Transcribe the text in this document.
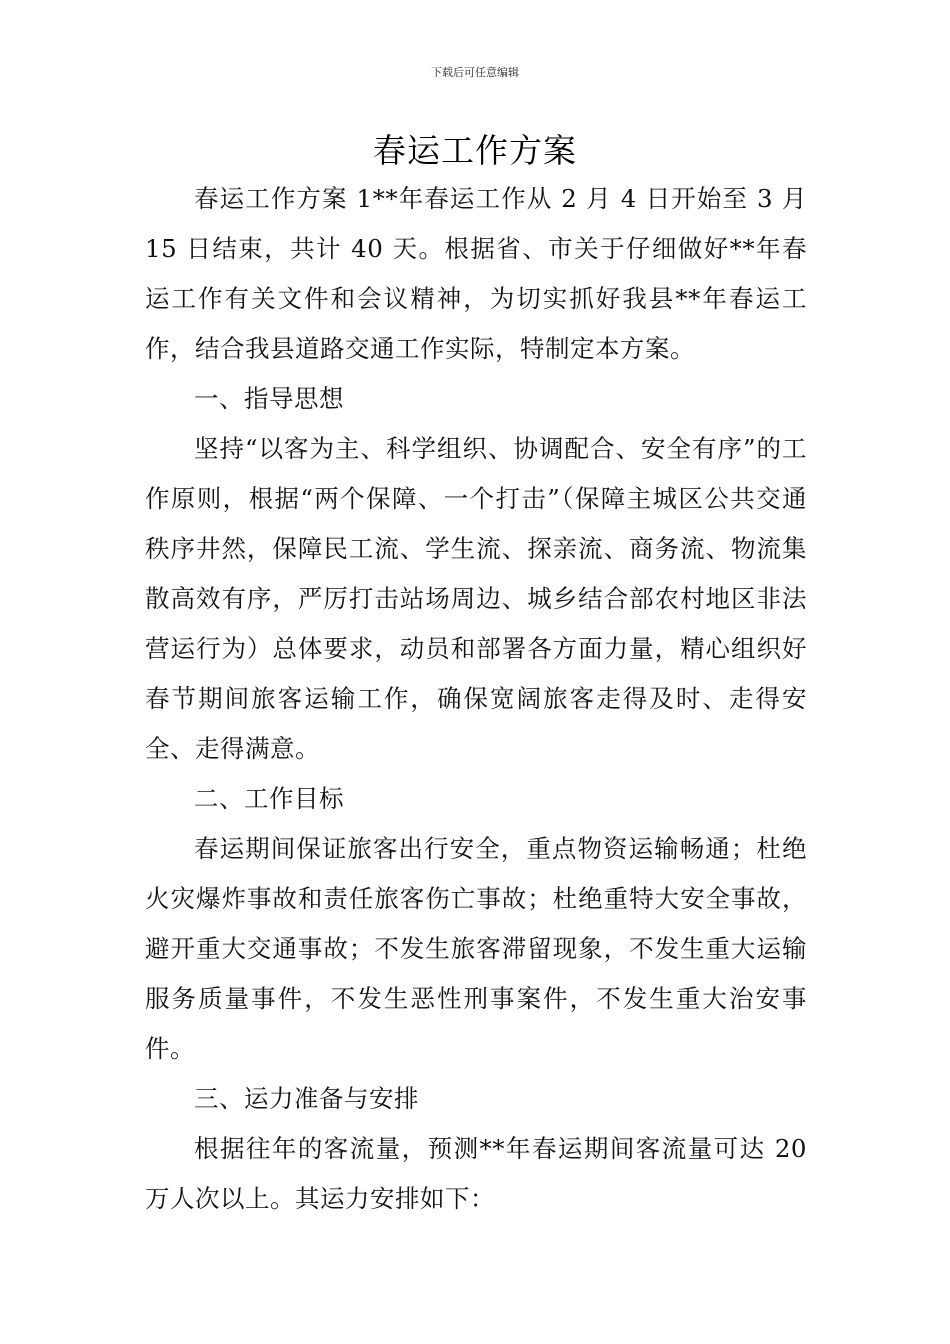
下载后可任意编辑
春运工作方案

春运工作方案 1**年春运工作从 2 月 4 日开始至 3 月 15 日结束，共计 40 天。根据省、市关于仔细做好**年春运工作有关文件和会议精神，为切实抓好我县**年春运工作，结合我县道路交通工作实际，特制定本方案。

一、指导思想

坚持“以客为主、科学组织、协调配合、安全有序”的工作原则，根据“两个保障、一个打击”（保障主城区公共交通秩序井然，保障民工流、学生流、探亲流、商务流、物流集散高效有序，严厉打击站场周边、城乡结合部农村地区非法营运行为）总体要求，动员和部署各方面力量，精心组织好春节期间旅客运输工作，确保宽阔旅客走得及时、走得安全、走得满意。

二、工作目标

春运期间保证旅客出行安全，重点物资运输畅通；杜绝火灾爆炸事故和责任旅客伤亡事故；杜绝重特大安全事故，避开重大交通事故；不发生旅客滞留现象，不发生重大运输服务质量事件，不发生恶性刑事案件，不发生重大治安事件。

三、运力准备与安排

根据往年的客流量，预测**年春运期间客流量可达 20 万人次以上。其运力安排如下：
